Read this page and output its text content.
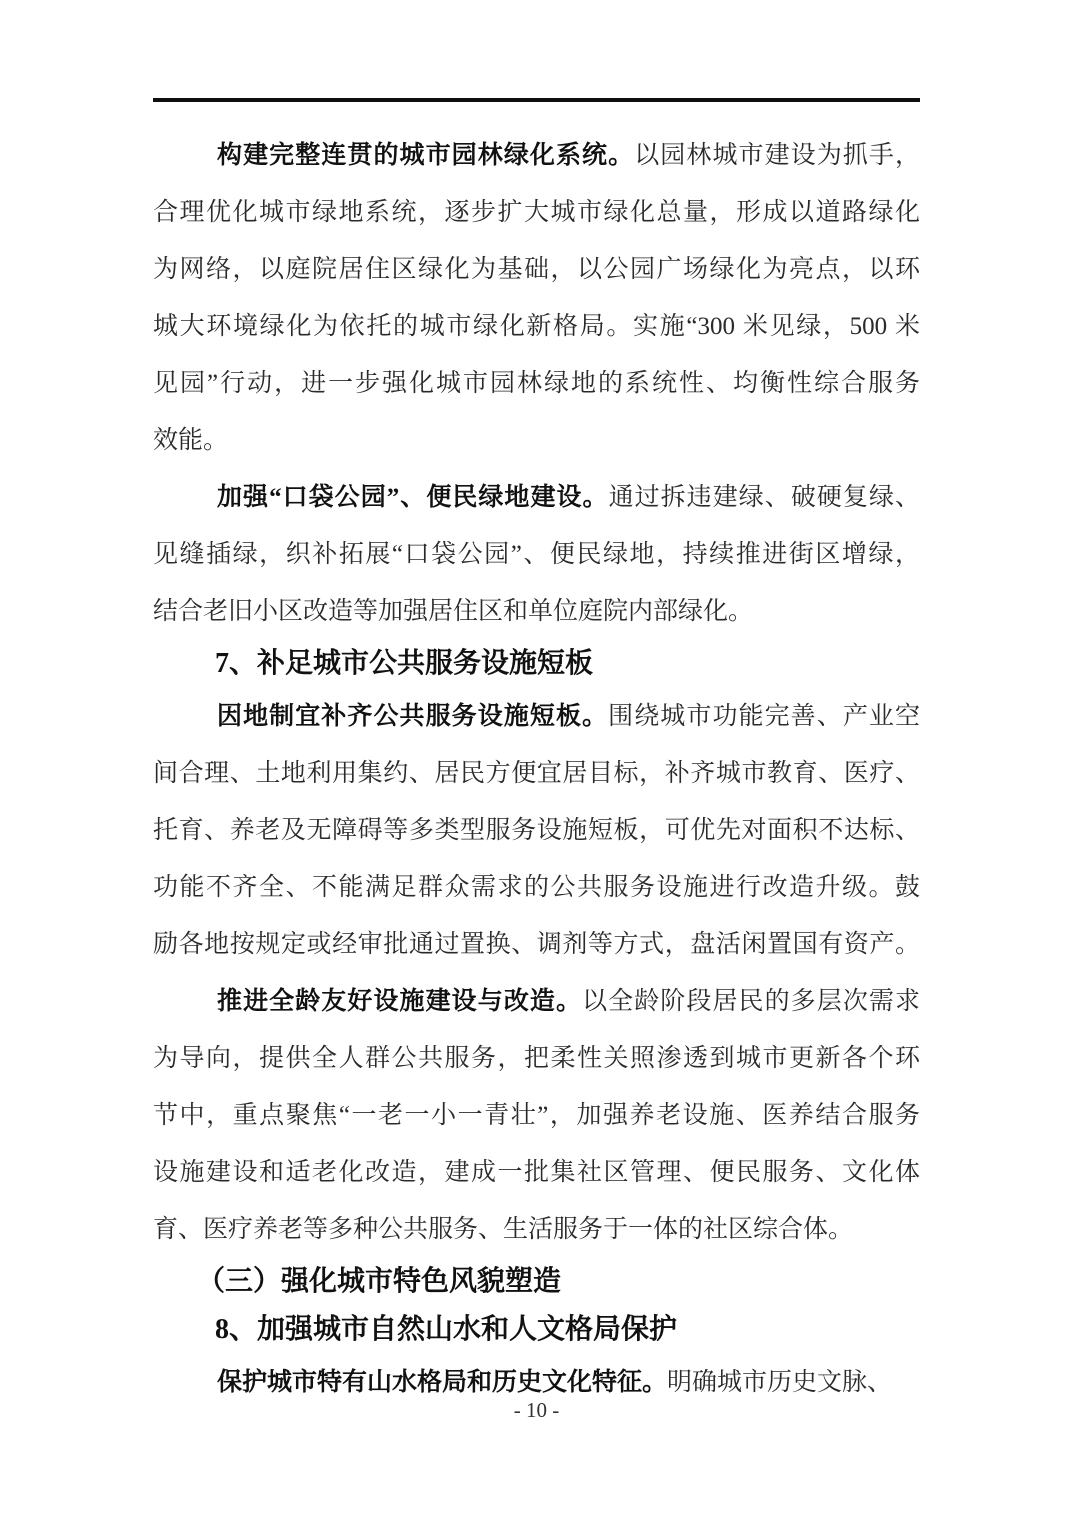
构建完整连贯的城市园林绿化系统。以园林城市建设为抓手，
合理优化城市绿地系统，逐步扩大城市绿化总量，形成以道路绿化
为网络，以庭院居住区绿化为基础，以公园广场绿化为亮点，以环
城大环境绿化为依托的城市绿化新格局。实施“300 米见绿，500 米
见园”行动，进一步强化城市园林绿地的系统性、均衡性综合服务
效能。
加强“口袋公园”、便民绿地建设。通过拆违建绿、破硬复绿、
见缝插绿，织补拓展“口袋公园”、便民绿地，持续推进街区增绿，
结合老旧小区改造等加强居住区和单位庭院内部绿化。
7、补足城市公共服务设施短板
因地制宜补齐公共服务设施短板。围绕城市功能完善、产业空
间合理、土地利用集约、居民方便宜居目标，补齐城市教育、医疗、
托育、养老及无障碍等多类型服务设施短板，可优先对面积不达标、
功能不齐全、不能满足群众需求的公共服务设施进行改造升级。鼓
励各地按规定或经审批通过置换、调剂等方式，盘活闲置国有资产。
推进全龄友好设施建设与改造。以全龄阶段居民的多层次需求
为导向，提供全人群公共服务，把柔性关照渗透到城市更新各个环
节中，重点聚焦“一老一小一青壮”，加强养老设施、医养结合服务
设施建设和适老化改造，建成一批集社区管理、便民服务、文化体
育、医疗养老等多种公共服务、生活服务于一体的社区综合体。
（三）强化城市特色风貌塑造
8、加强城市自然山水和人文格局保护
保护城市特有山水格局和历史文化特征。明确城市历史文脉、
- 10 -
